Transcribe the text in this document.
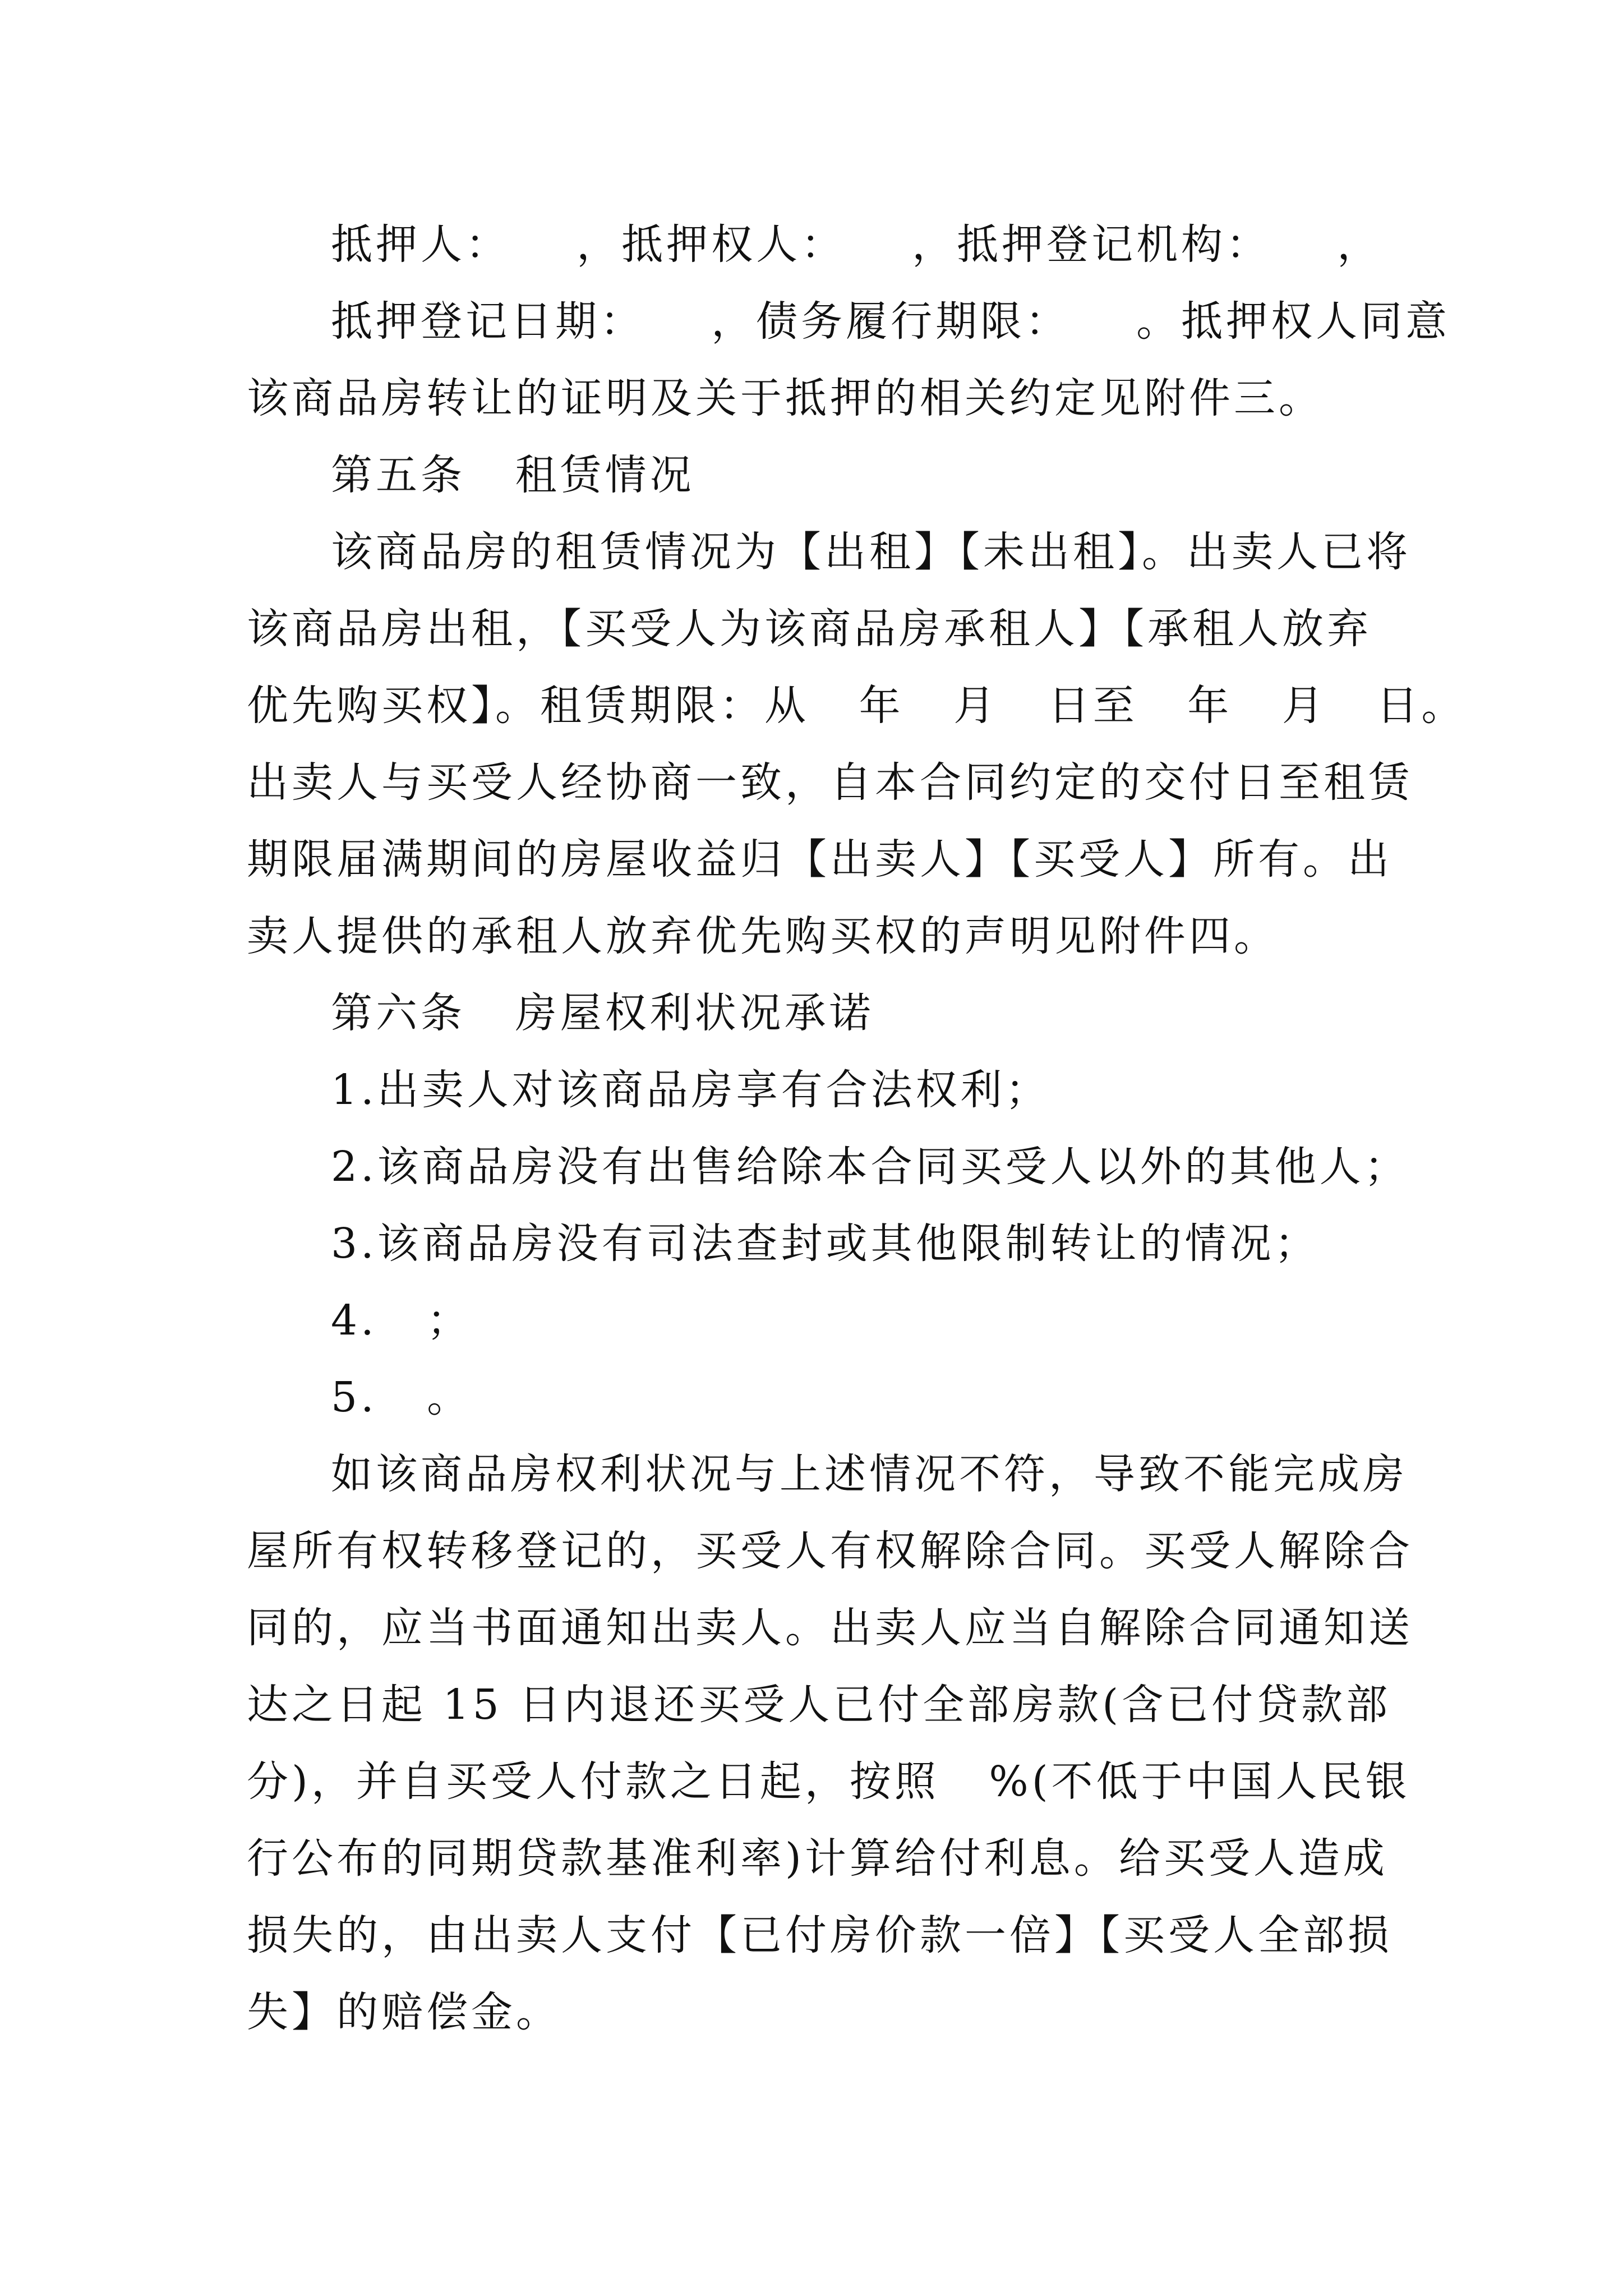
抵押人：    ，抵押权人：    ，抵押登记机构：    ，
抵押登记日期：    ，债务履行期限：    。抵押权人同意
该商品房转让的证明及关于抵押的相关约定见附件三。
第五条   租赁情况
该商品房的租赁情况为【出租】【未出租】。出卖人已将
该商品房出租，【买受人为该商品房承租人】【承租人放弃
优先购买权】。租赁期限：从   年   月   日至   年   月   日。
出卖人与买受人经协商一致，自本合同约定的交付日至租赁
期限届满期间的房屋收益归【出卖人】【买受人】所有。出
卖人提供的承租人放弃优先购买权的声明见附件四。
第六条   房屋权利状况承诺
1.出卖人对该商品房享有合法权利；
2.该商品房没有出售给除本合同买受人以外的其他人；
3.该商品房没有司法查封或其他限制转让的情况；
4.   ；
5.   。
如该商品房权利状况与上述情况不符，导致不能完成房
屋所有权转移登记的，买受人有权解除合同。买受人解除合
同的，应当书面通知出卖人。出卖人应当自解除合同通知送
达之日起 15 日内退还买受人已付全部房款(含已付贷款部
分)，并自买受人付款之日起，按照   %(不低于中国人民银
行公布的同期贷款基准利率)计算给付利息。给买受人造成
损失的，由出卖人支付【已付房价款一倍】【买受人全部损
失】的赔偿金。
